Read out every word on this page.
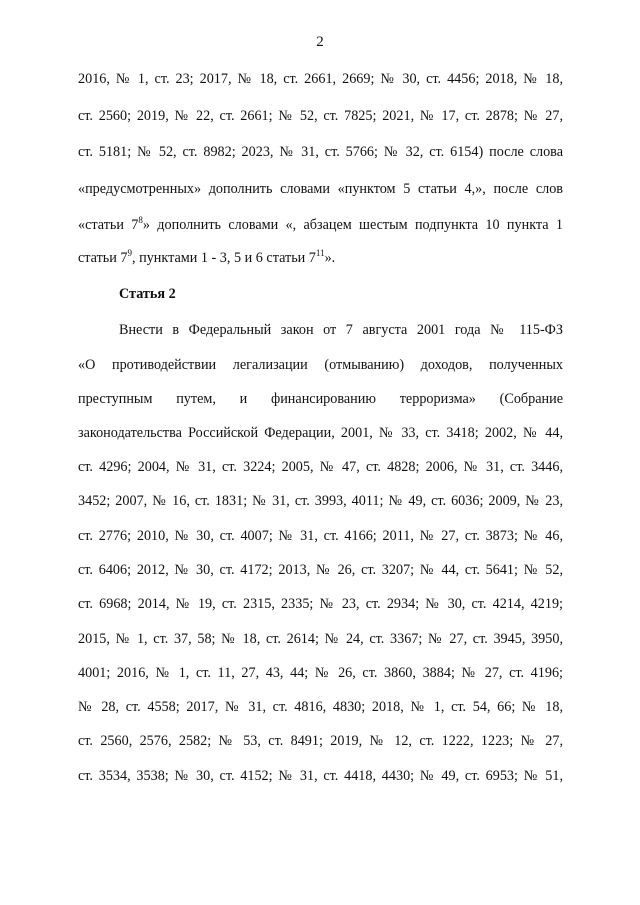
2
2016, № 1, ст. 23; 2017, № 18, ст. 2661, 2669; № 30, ст. 4456; 2018, № 18,
ст. 2560; 2019, № 22, ст. 2661; № 52, ст. 7825; 2021, № 17, ст. 2878; № 27,
ст. 5181; № 52, ст. 8982; 2023, № 31, ст. 5766; № 32, ст. 6154) после слова
«предусмотренных» дополнить словами «пунктом 5 статьи 4,», после слов
«статьи $7^8$» дополнить словами «, абзацем шестым подпункта 10 пункта 1
статьи $7^9$, пунктами 1 - 3, 5 и 6 статьи $7^{11}$».
Статья 2
Внести в Федеральный закон от 7 августа 2001 года № 115-ФЗ
«О противодействии легализации (отмыванию) доходов, полученных
преступным путем, и финансированию терроризма» (Собрание
законодательства Российской Федерации, 2001, № 33, ст. 3418; 2002, № 44,
ст. 4296; 2004, № 31, ст. 3224; 2005, № 47, ст. 4828; 2006, № 31, ст. 3446,
3452; 2007, № 16, ст. 1831; № 31, ст. 3993, 4011; № 49, ст. 6036; 2009, № 23,
ст. 2776; 2010, № 30, ст. 4007; № 31, ст. 4166; 2011, № 27, ст. 3873; № 46,
ст. 6406; 2012, № 30, ст. 4172; 2013, № 26, ст. 3207; № 44, ст. 5641; № 52,
ст. 6968; 2014, № 19, ст. 2315, 2335; № 23, ст. 2934; № 30, ст. 4214, 4219;
2015, № 1, ст. 37, 58; № 18, ст. 2614; № 24, ст. 3367; № 27, ст. 3945, 3950,
4001; 2016, № 1, ст. 11, 27, 43, 44; № 26, ст. 3860, 3884; № 27, ст. 4196;
№ 28, ст. 4558; 2017, № 31, ст. 4816, 4830; 2018, № 1, ст. 54, 66; № 18,
ст. 2560, 2576, 2582; № 53, ст. 8491; 2019, № 12, ст. 1222, 1223; № 27,
ст. 3534, 3538; № 30, ст. 4152; № 31, ст. 4418, 4430; № 49, ст. 6953; № 51,
